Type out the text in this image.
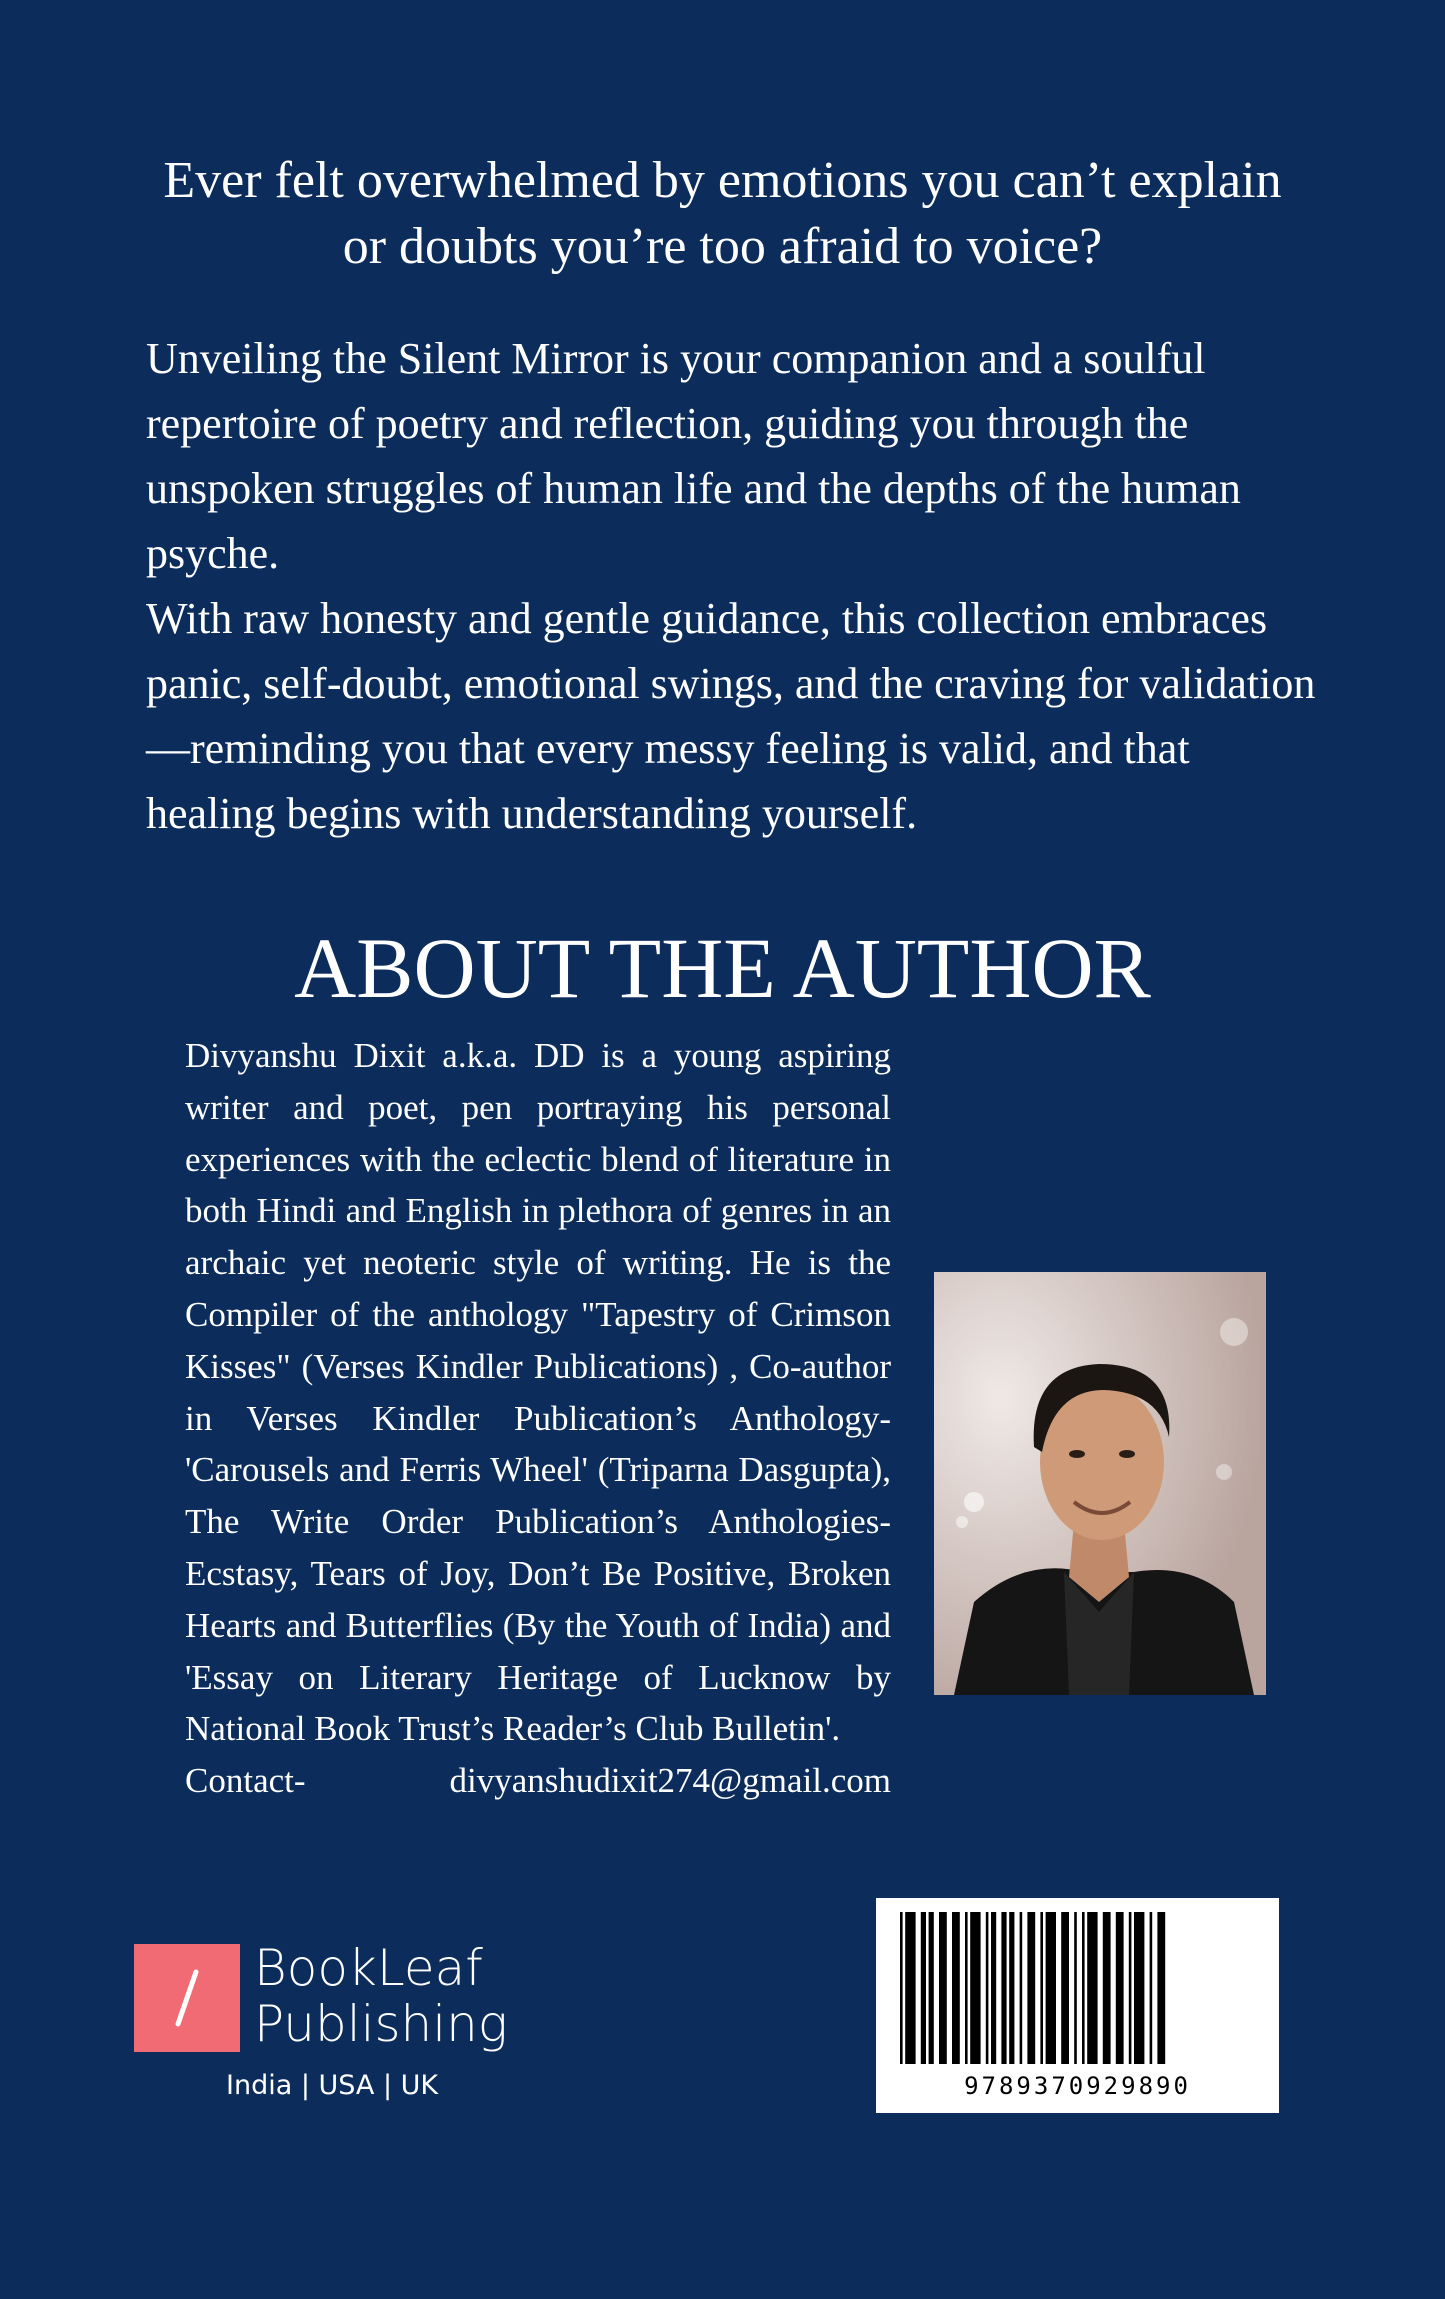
Ever felt overwhelmed by emotions you can’t explain or doubts you’re too afraid to voice?

Unveiling the Silent Mirror is your companion and a soulful repertoire of poetry and reflection, guiding you through the unspoken struggles of human life and the depths of the human psyche.

With raw honesty and gentle guidance, this collection embraces panic, self-doubt, emotional swings, and the craving for validation—reminding you that every messy feeling is valid, and that healing begins with understanding yourself.

ABOUT THE AUTHOR
Divyanshu Dixit a.k.a. DD is a young aspiring writer and poet, pen portraying his personal experiences with the eclectic blend of literature in both Hindi and English in plethora of genres in an archaic yet neoteric style of writing. He is the Compiler of the anthology "Tapestry of Crimson Kisses" (Verses Kindler Publications) , Co-author in Verses Kindler Publication’s Anthology- 'Carousels and Ferris Wheel' (Triparna Dasgupta), The Write Order Publication’s Anthologies- Ecstasy, Tears of Joy, Don’t Be Positive, Broken Hearts and Butterflies (By the Youth of India) and 'Essay on Literary Heritage of Lucknow by National Book Trust’s Reader’s Club Bulletin'.
Contact-	divyanshudixit274@gmail.com
BookLeaf
Publishing
India | USA | UK	9789370929890
